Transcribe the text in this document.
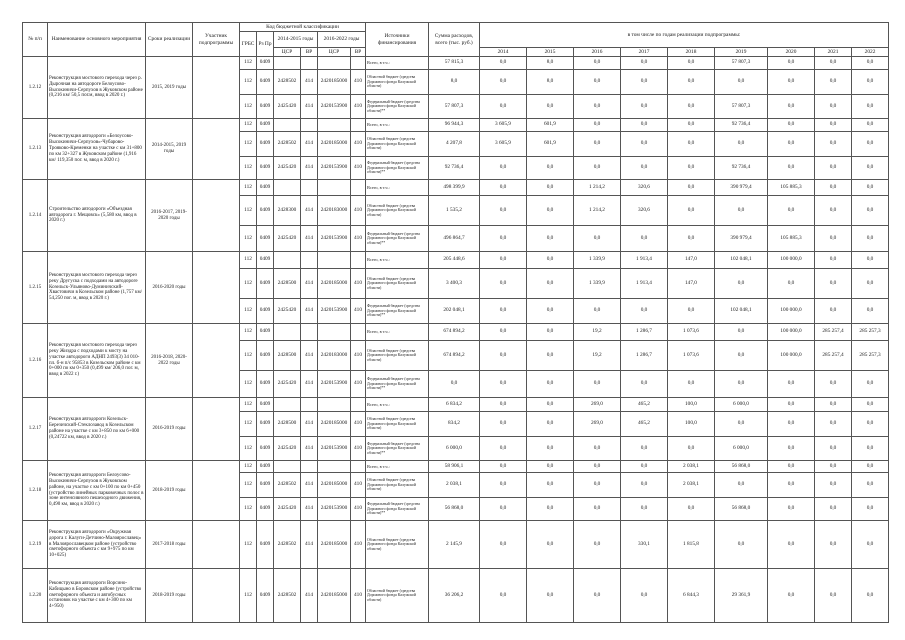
№ п/п	Наименование основного мероприятия	Сроки реализации	Участник подпрограммы	Код бюджетной классификации						Источники финансирования	Сумма расходов, всего (тыс. руб.)	в том числе по годам реализации подпрограммы:								
				ГРБС	Рз Пр	2014-2015 годы		2016-2022 годы												

						ЦСР	ВР	ЦСР	ВР			2014	2015	2016	2017	2018	2019	2020	2021	2022
1.2.12	Реконструкция мостового перехода через р. Дырочная на автодороге Белоусово-Высокиничи-Серпухов в Жуковском районе (0,216 км/ 50,5 пог.м, ввод в 2020 г.)	2015, 2019 годы		112	0409					Всего, в т.ч.:	57 815,3	0,0	8,0	0,0	0,0	0,0	57 807,3	0,0	0,0	0,0
				112	0409	2428502	414	2420185000	410	Областной бюджет (средства Дорожного фонда Калужской области)	8,0	0,0	8,0	0,0	0,0	0,0	0,0	0,0	0,0	0,0
				112	0409	2425420	414	2420153900	410	Федеральный бюджет (средства Дорожного фонда Калужской области)**	57 807,3	0,0	0,0	0,0	0,0	0,0	57 807,3	0,0	0,0	0,0
1.2.13	Реконструкция автодороги «Белоусово-Высокиничи-Серпухов»-Чубарово-Трояково-Кременки на участке с км 31+800 по км 32+327 в Жуковском районе (1,916 км/ 119,350 пог. м, ввод в 2020 г.)	2014-2015, 2019 годы		112	0409					Всего, в т.ч.:	96 944,3	3 605,9	601,9	0,0	0,0	0,0	92 736,4	0,0	0,0	0,0
				112	0409	2428502	414	2420185000	410	Областной бюджет (средства Дорожного фонда Калужской области)	4 207,8	3 605,9	601,9	0,0	0,0	0,0	0,0	0,0	0,0	0,0
				112	0409	2425420	414	2420153900	410	Федеральный бюджет (средства Дорожного фонда Калужской области)**	92 736,4	0,0	0,0	0,0	0,0	0,0	92 736,4	0,0	0,0	0,0
1.2.14	Строительство автодороги «Объездная автодорога г. Мещовск» (5,580 км, ввод в 2020 г.)	2016-2017, 2019-2020 годы		112	0409					Всего, в т.ч.:	498 399,9	0,0	0,0	1 214,2	320,6	0,0	390 979,4	105 885,3	0,0	0,0
				112	0409	2428300	414	2420183000	410	Областной бюджет (средства Дорожного фонда Калужской области)	1 535,2	0,0	0,0	1 214,2	320,6	0,0	0,0	0,0	0,0	0,0
				112	0409	2425420	414	2420153900	410	Федеральный бюджет (средства Дорожного фонда Калужской области)**	496 864,7	0,0	0,0	0,0	0,0	0,0	390 979,4	105 885,3	0,0	0,0
1.2.15	Реконструкция мостового перехода через реку Другуска с подходами на автодороге Козельск-Ульяново-Думиничский-Хвастовичи в Козельском районе (1,757 км/ 54,250 пог. м, ввод в 2020 г.)	2016-2020 годы		112	0409					Всего, в т.ч.:	205 448,6	0,0	0,0	1 339,9	1 913,4	147,0	102 048,1	100 000,0	0,0	0,0
				112	0409	2428500	414	2420185000	410	Областной бюджет (средства Дорожного фонда Калужской области)	3 400,3	0,0	0,0	1 339,9	1 913,4	147,0	0,0	0,0	0,0	0,0
				112	0409	2425420	414	2420153900	410	Федеральный бюджет (средства Дорожного фонда Калужской области)**	202 048,1	0,0	0,0	0,0	0,0	0,0	102 048,1	100 000,0	0,0	0,0
1.2.16	Реконструкция мостового перехода через реку Жиздра с подходами к мосту на участке автодороги АДНП 2493(3) 34 010-пл. б-н п/с 95853 в Козельском районе с км 0+000 по км 0+350 (0,499 км/ 206,0 пог. м, ввод в 2022 г.)	2016-2018, 2020-2022 годы		112	0409					Всего, в т.ч.:	674 894,2	0,0	0,0	19,2	1 286,7	1 073,6	0,0	100 000,0	285 257,4	285 257,3
				112	0409	2428500	414	2420183000	410	Областной бюджет (средства Дорожного фонда Калужской области)	674 894,2	0,0	0,0	19,2	1 286,7	1 073,6	0,0	100 000,0	285 257,4	285 257,3
				112	0409	2425420	414	2420153900	410	Федеральный бюджет (средства Дорожного фонда Калужской области)**	0,0	0,0	0,0	0,0	0,0	0,0	0,0	0,0	0,0	0,0
1.2.17	Реконструкция автодороги Козельск-Березичский-Стеклозавод в Козельском районе на участке с км 3+850 по км 6+000 (0,24722 км, ввод в 2020 г.)	2016-2019 годы		112	0409					Всего, в т.ч.:	6 834,2	0,0	0,0	269,0	465,2	100,0	6 000,0	0,0	0,0	0,0
				112	0409	2428500	414	2420185000	410	Областной бюджет (средства Дорожного фонда Калужской области)	834,2	0,0	0,0	269,0	465,2	100,0	0,0	0,0	0,0	0,0
				112	0409	2425420	414	2420153900	410	Федеральный бюджет (средства Дорожного фонда Калужской области)**	6 000,0	0,0	0,0	0,0	0,0	0,0	6 000,0	0,0	0,0	0,0
1.2.18	Реконструкция автодороги Белоусово-Высокиничи-Серпухов в Жуковском районе, на участке с км 0+100 по км 0+450 (устройство линейных парковочных полос в зоне интенсивного пешеходного движения, 0,490 км, ввод в 2020 г.)	2018-2019 годы		112	0409					Всего, в т.ч.:	58 906,1	0,0	0,0	0,0	0,0	2 038,1	56 868,0	0,0	0,0	0,0
				112	0409	2428502	414	2420185000	410	Областной бюджет (средства Дорожного фонда Калужской области)	2 038,1	0,0	0,0	0,0	0,0	2 038,1	0,0	0,0	0,0	0,0
				112	0409	2425420	414	2420153900	410	Федеральный бюджет (средства Дорожного фонда Калужской области)**	56 868,0	0,0	0,0	0,0	0,0	0,0	56 868,0	0,0	0,0	0,0
1.2.19	Реконструкция автодороги «Окружная дорога г. Калуги-Детчино-Малоярославец» в Малоярославецком районе (устройство светофорного объекта с км 9+975 по км 10+025)	2017-2018 годы		112	0409	2428502	414	2420185000	410	Областной бюджет (средства Дорожного фонда Калужской области)	2 145,9	0,0	0,0	0,0	330,1	1 815,8	0,0	0,0	0,0	0,0
1.2.20	Реконструкция автодороги Ворсино-Кабицыно в Боровском районе (устройство светофорного объекта и автобусных остановок на участке с км 4+300 по км 4+950)	2018-2019 годы		112	0409	2428502	414	2420185000	410	Областной бюджет (средства Дорожного фонда Калужской области)	36 206,2	0,0	0,0	0,0	0,0	6 844,3	29 361,9	0,0	0,0	0,0
